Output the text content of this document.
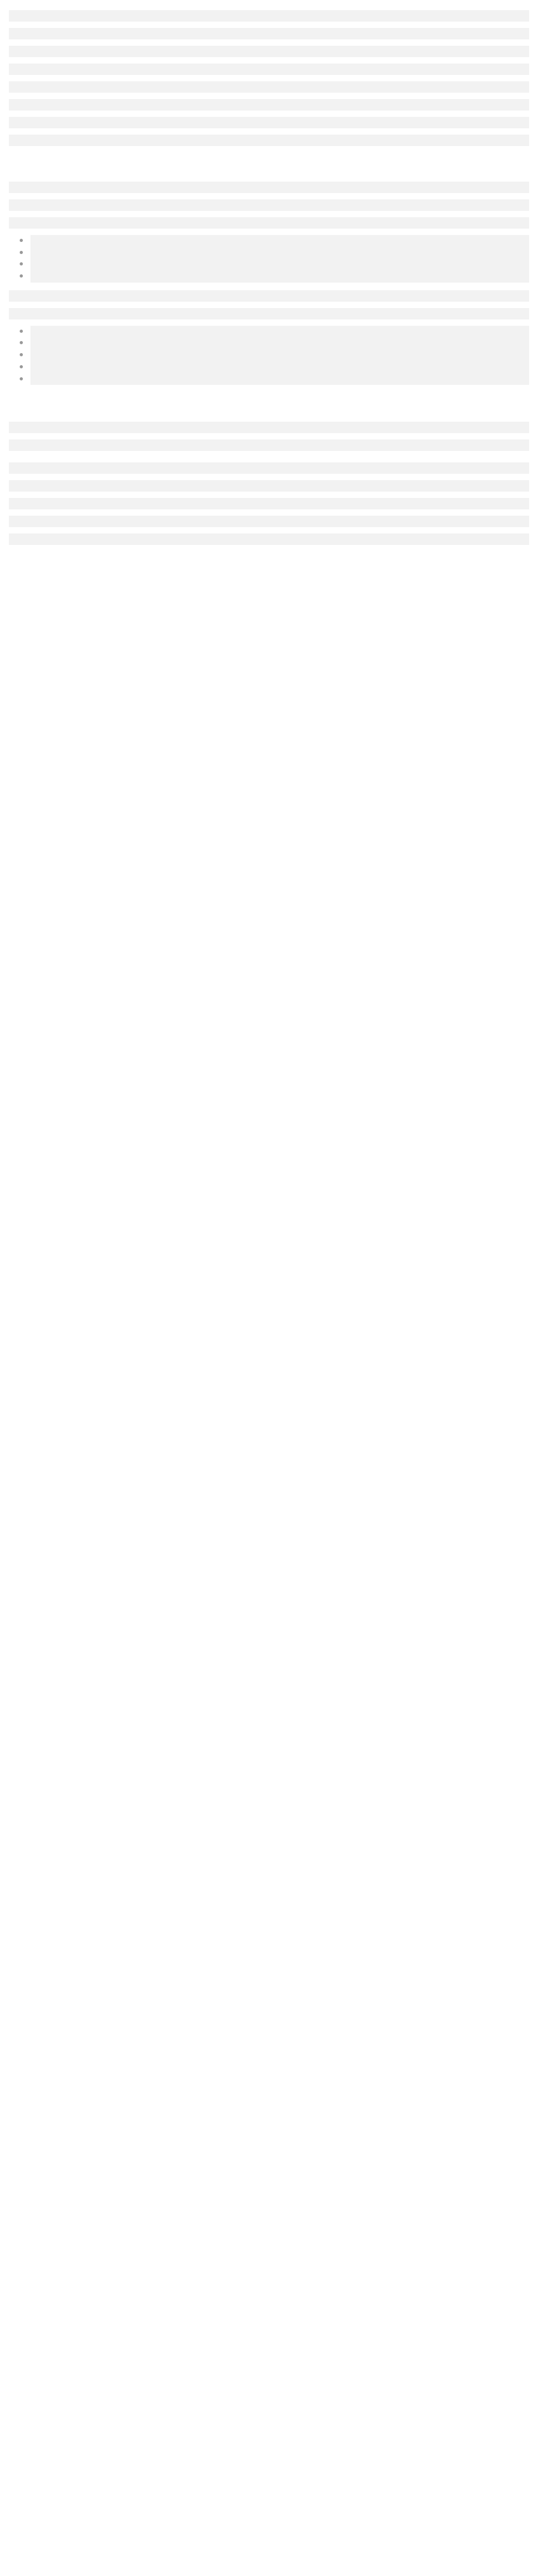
•
•
•
•

•
•
•
•
•
